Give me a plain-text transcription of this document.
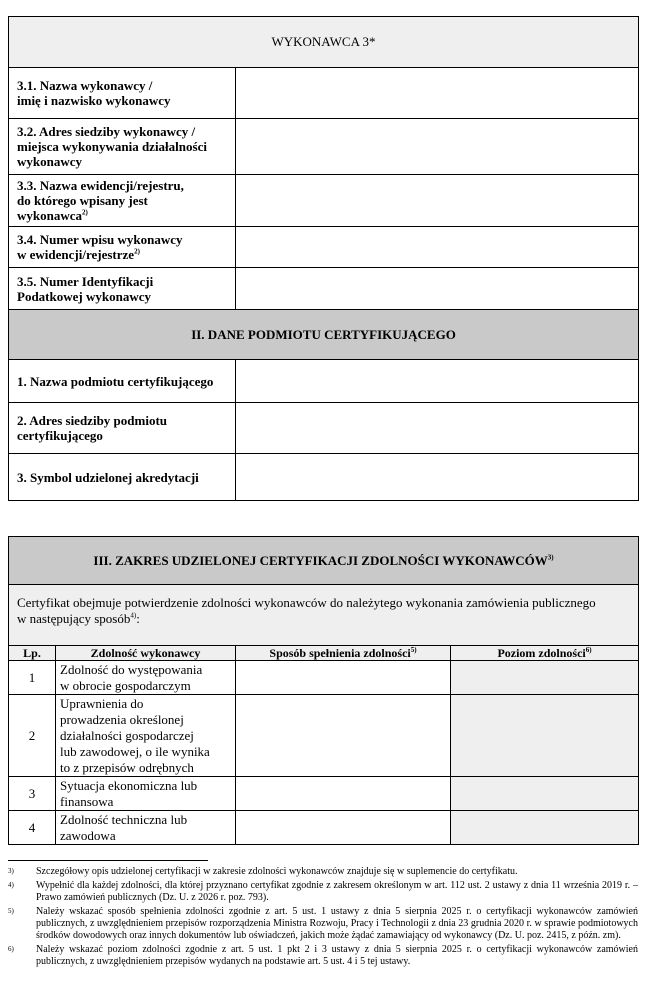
WYKONAWCA 3*	
3.1. Nazwa wykonawcy /
imię i nazwisko wykonawcy	
3.2. Adres siedziby wykonawcy /
miejsca wykonywania działalności
wykonawcy	
3.3. Nazwa ewidencji/rejestru,
do którego wpisany jest
wykonawca$^{2)}$	
3.4. Numer wpisu wykonawcy
w ewidencji/rejestrze$^{2)}$	
3.5. Numer Identyfikacji
Podatkowej wykonawcy	
II. DANE PODMIOTU CERTYFIKUJĄCEGO	
1. Nazwa podmiotu certyfikującego	
2. Adres siedziby podmiotu
certyfikującego	
3. Symbol udzielonej akredytacji	
III. ZAKRES UDZIELONEJ CERTYFIKACJI ZDOLNOŚCI WYKONAWCÓW$^{3)}$
Certyfikat obejmuje potwierdzenie zdolności wykonawców do należytego wykonania zamówienia publicznego
w następujący sposób$^{4)}$:			
Lp.	Zdolność wykonawcy	Sposób spełnienia zdolności$^{5)}$	Poziom zdolności$^{6)}$
1	Zdolność do występowania
w obrocie gospodarczym		
2	Uprawnienia do
prowadzenia określonej
działalności gospodarczej
lub zawodowej, o ile wynika
to z przepisów odrębnych		
3	Sytuacja ekonomiczna lub
finansowa		
4	Zdolność techniczna lub
zawodowa		
3)	Szczegółowy opis udzielonej certyfikacji w zakresie zdolności wykonawców znajduje się w suplemencie do certyfikatu.
4)	Wypełnić dla każdej zdolności, dla której przyznano certyfikat zgodnie z zakresem określonym w art. 112 ust. 2 ustawy z dnia 11 września 2019 r. – Prawo zamówień publicznych (Dz. U. z 2026 r. poz. 793).
5)	Należy wskazać sposób spełnienia zdolności zgodnie z art. 5 ust. 1 ustawy z dnia 5 sierpnia 2025 r. o certyfikacji wykonawców zamówień publicznych, z uwzględnieniem przepisów rozporządzenia Ministra Rozwoju, Pracy i Technologii z dnia 23 grudnia 2020 r. w sprawie podmiotowych środków dowodowych oraz innych dokumentów lub oświadczeń, jakich może żądać zamawiający od wykonawcy (Dz. U. poz. 2415, z późn. zm).
6)	Należy wskazać poziom zdolności zgodnie z art. 5 ust. 1 pkt 2 i 3 ustawy z dnia 5 sierpnia 2025 r. o certyfikacji wykonawców zamówień publicznych, z uwzględnieniem przepisów wydanych na podstawie art. 5 ust. 4 i 5 tej ustawy.
